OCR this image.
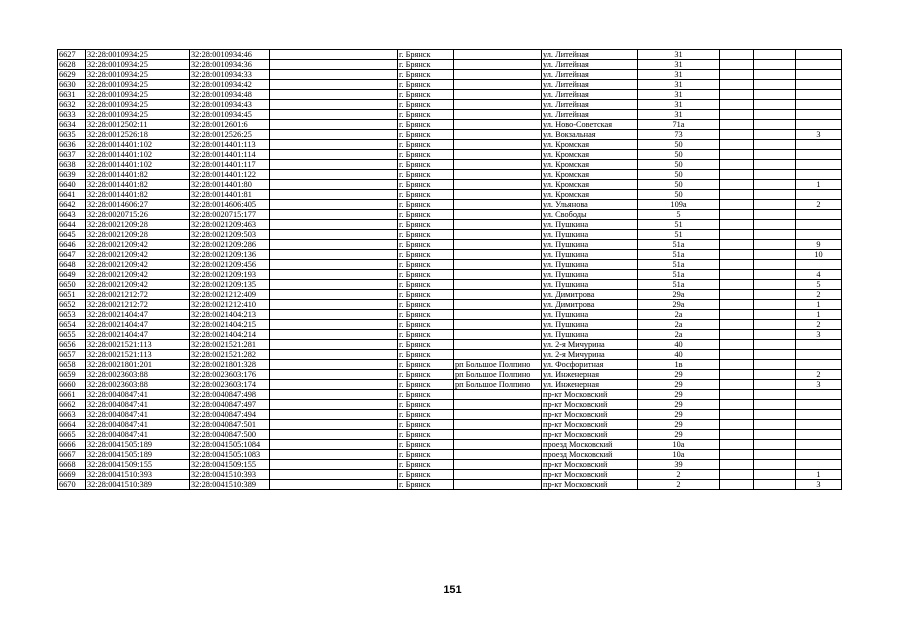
6627	32:28:0010934:25	32:28:0010934:46		г. Брянск		ул. Литейная	31			
6628	32:28:0010934:25	32:28:0010934:36		г. Брянск		ул. Литейная	31			
6629	32:28:0010934:25	32:28:0010934:33		г. Брянск		ул. Литейная	31			
6630	32:28:0010934:25	32:28:0010934:42		г. Брянск		ул. Литейная	31			
6631	32:28:0010934:25	32:28:0010934:48		г. Брянск		ул. Литейная	31			
6632	32:28:0010934:25	32:28:0010934:43		г. Брянск		ул. Литейная	31			
6633	32:28:0010934:25	32:28:0010934:45		г. Брянск		ул. Литейная	31			
6634	32:28:0012502:11	32:28:0012601:6		г. Брянск		ул. Ново-Советская	71а			
6635	32:28:0012526:18	32:28:0012526:25		г. Брянск		ул. Вокзальная	73			3
6636	32:28:0014401:102	32:28:0014401:113		г. Брянск		ул. Кромская	50			
6637	32:28:0014401:102	32:28:0014401:114		г. Брянск		ул. Кромская	50			
6638	32:28:0014401:102	32:28:0014401:117		г. Брянск		ул. Кромская	50			
6639	32:28:0014401:82	32:28:0014401:122		г. Брянск		ул. Кромская	50			
6640	32:28:0014401:82	32:28:0014401:80		г. Брянск		ул. Кромская	50			1
6641	32:28:0014401:82	32:28:0014401:81		г. Брянск		ул. Кромская	50			
6642	32:28:0014606:27	32:28:0014606:405		г. Брянск		ул. Ульянова	109а			2
6643	32:28:0020715:26	32:28:0020715:177		г. Брянск		ул. Свободы	5			
6644	32:28:0021209:28	32:28:0021209:463		г. Брянск		ул. Пушкина	51			
6645	32:28:0021209:28	32:28:0021209:503		г. Брянск		ул. Пушкина	51			
6646	32:28:0021209:42	32:28:0021209:286		г. Брянск		ул. Пушкина	51а			9
6647	32:28:0021209:42	32:28:0021209:136		г. Брянск		ул. Пушкина	51а			10
6648	32:28:0021209:42	32:28:0021209:456		г. Брянск		ул. Пушкина	51а			
6649	32:28:0021209:42	32:28:0021209:193		г. Брянск		ул. Пушкина	51а			4
6650	32:28:0021209:42	32:28:0021209:135		г. Брянск		ул. Пушкина	51а			5
6651	32:28:0021212:72	32:28:0021212:409		г. Брянск		ул. Димитрова	29а			2
6652	32:28:0021212:72	32:28:0021212:410		г. Брянск		ул. Димитрова	29а			1
6653	32:28:0021404:47	32:28:0021404:213		г. Брянск		ул. Пушкина	2а			1
6654	32:28:0021404:47	32:28:0021404:215		г. Брянск		ул. Пушкина	2а			2
6655	32:28:0021404:47	32:28:0021404:214		г. Брянск		ул. Пушкина	2а			3
6656	32:28:0021521:113	32:28:0021521:281		г. Брянск		ул. 2-я Мичурина	40			
6657	32:28:0021521:113	32:28:0021521:282		г. Брянск		ул. 2-я Мичурина	40			
6658	32:28:0021801:201	32:28:0021801:328		г. Брянск	рп Большое Полпино	ул. Фосфоритная	1в			
6659	32:28:0023603:88	32:28:0023603:176		г. Брянск	рп Большое Полпино	ул. Инженерная	29			2
6660	32:28:0023603:88	32:28:0023603:174		г. Брянск	рп Большое Полпино	ул. Инженерная	29			3
6661	32:28:0040847:41	32:28:0040847:498		г. Брянск		пр-кт Московский	29			
6662	32:28:0040847:41	32:28:0040847:497		г. Брянск		пр-кт Московский	29			
6663	32:28:0040847:41	32:28:0040847:494		г. Брянск		пр-кт Московский	29			
6664	32:28:0040847:41	32:28:0040847:501		г. Брянск		пр-кт Московский	29			
6665	32:28:0040847:41	32:28:0040847:500		г. Брянск		пр-кт Московский	29			
6666	32:28:0041505:189	32:28:0041505:1084		г. Брянск		проезд Московский	10а			
6667	32:28:0041505:189	32:28:0041505:1083		г. Брянск		проезд Московский	10а			
6668	32:28:0041509:155	32:28:0041509:155		г. Брянск		пр-кт Московский	39			
6669	32:28:0041510:393	32:28:0041510:393		г. Брянск		пр-кт Московский	2			1
6670	32:28:0041510:389	32:28:0041510:389		г. Брянск		пр-кт Московский	2			3
151
